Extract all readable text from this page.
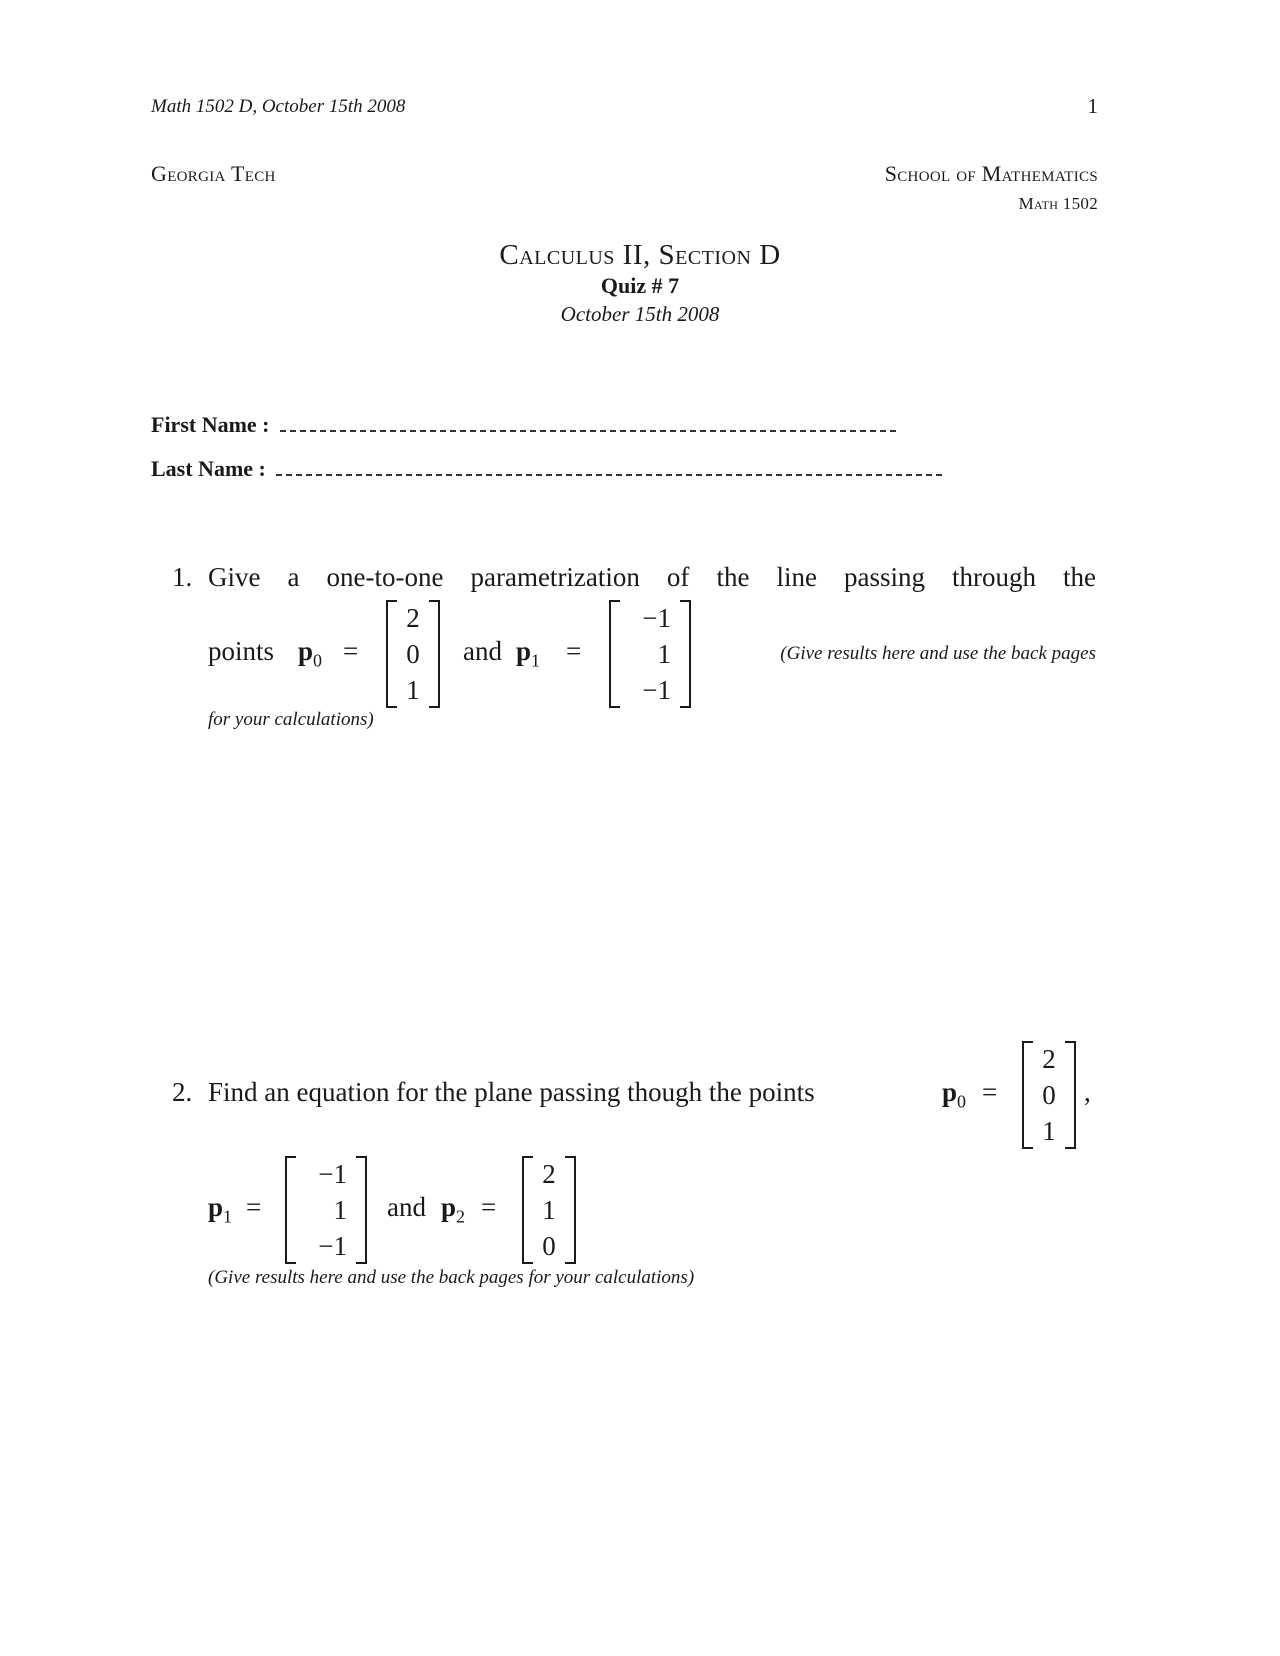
Math 1502 D, October 15th 2008	1
Georgia Tech	School of Mathematics
Math 1502
Calculus II, Section D
Quiz # 7
October 15th 2008
First Name :
Last Name :
1. Give a one-to-one parametrization of the line passing through the
points $p_0$ =
2
0
1
and $p_1$ =
−1
1
−1
(Give results here and use the back pages
for your calculations)
2
0
1
,
2. Find an equation for the plane passing though the points	$p_0$ =
$p_1$ =
−1
1
−1
and $p_2$ =
2
1
0
(Give results here and use the back pages for your calculations)
